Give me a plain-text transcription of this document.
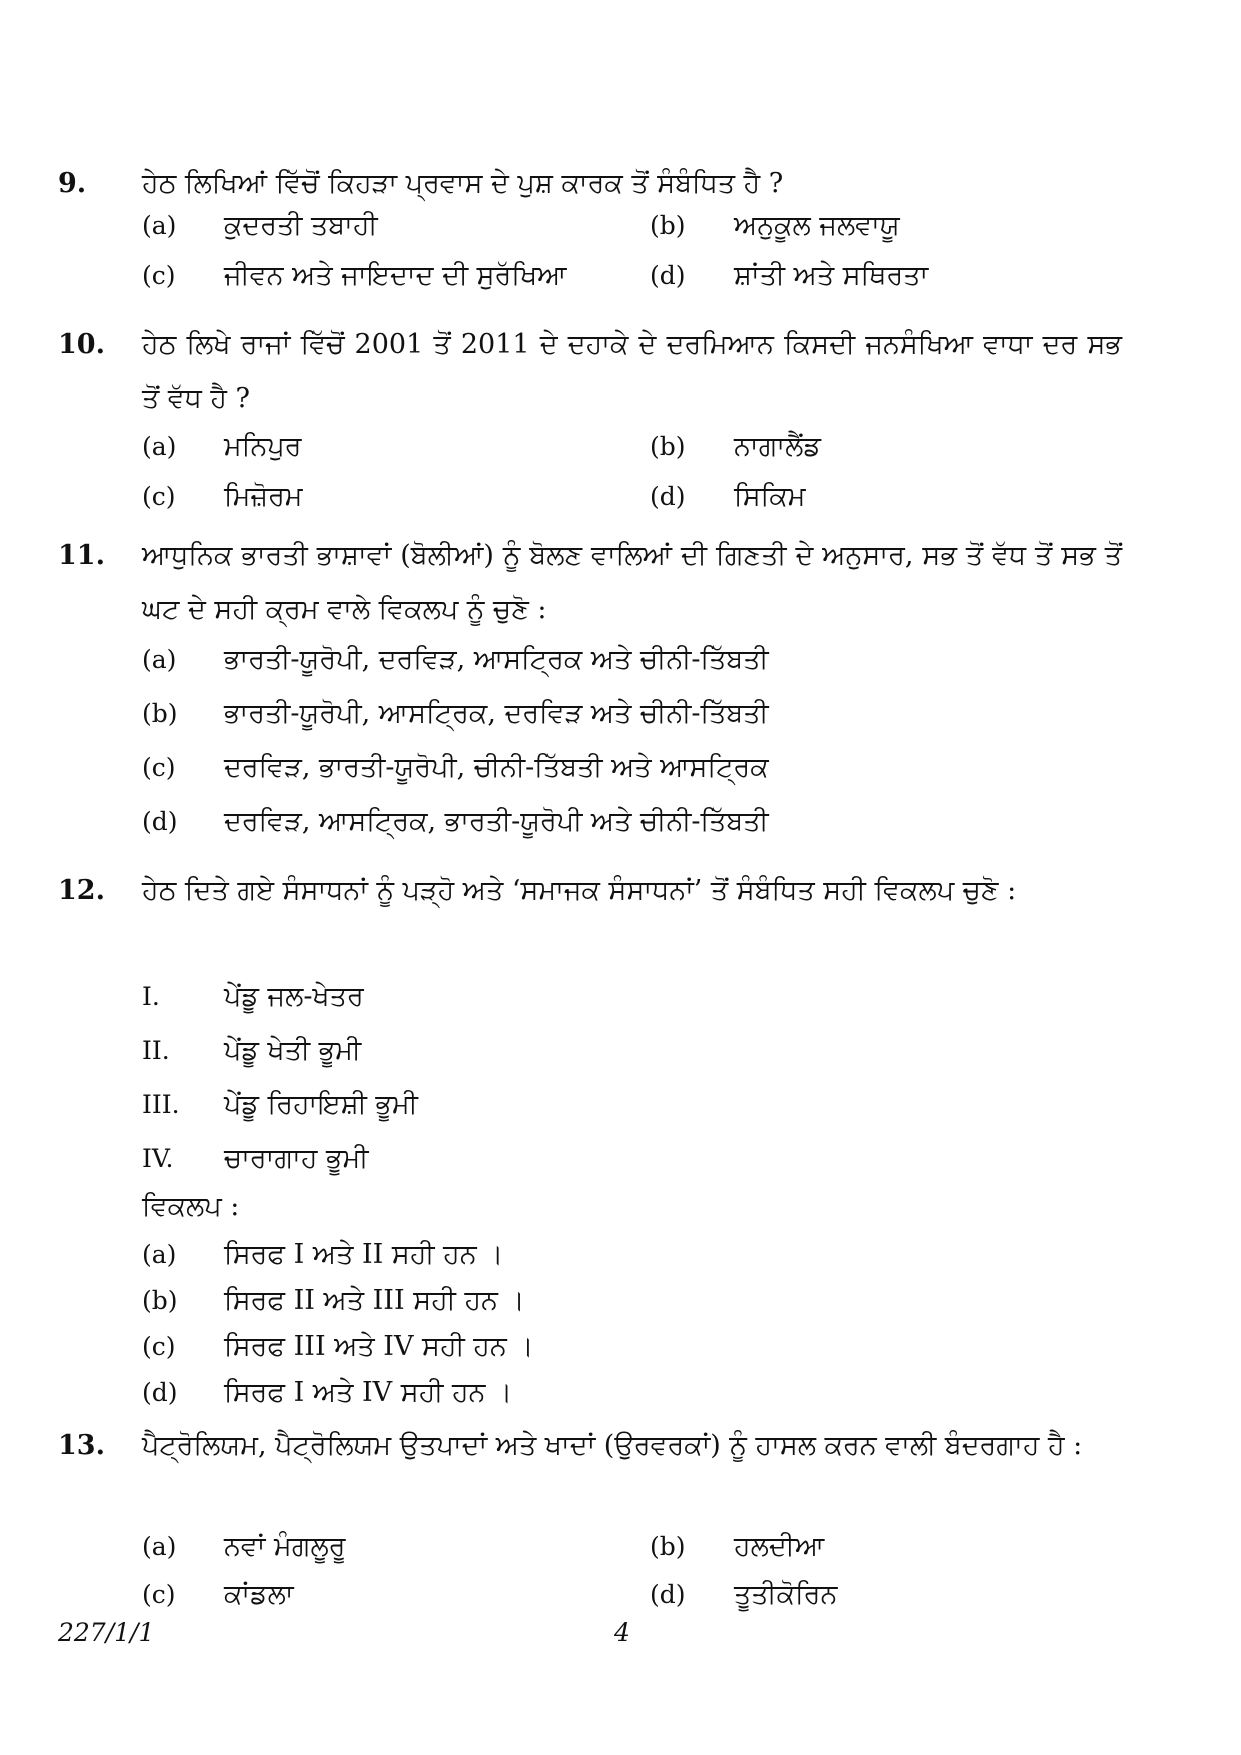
9. ਹੇਠ ਲਿਖਿਆਂ ਵਿੱਚੋਂ ਕਿਹੜਾ ਪ੍ਰਵਾਸ ਦੇ ਪੁਸ਼ ਕਾਰਕ ਤੋਂ ਸੰਬੰਧਿਤ ਹੈ ?
(a) ਕੁਦਰਤੀ ਤਬਾਹੀ	(b) ਅਨੁਕੂਲ ਜਲਵਾਯੂ
(c) ਜੀਵਨ ਅਤੇ ਜਾਇਦਾਦ ਦੀ ਸੁਰੱਖਿਆ	(d) ਸ਼ਾਂਤੀ ਅਤੇ ਸਥਿਰਤਾ
10. ਹੇਠ ਲਿਖੇ ਰਾਜਾਂ ਵਿੱਚੋਂ 2001 ਤੋਂ 2011 ਦੇ ਦਹਾਕੇ ਦੇ ਦਰਮਿਆਨ ਕਿਸਦੀ ਜਨਸੰਖਿਆ ਵਾਧਾ ਦਰ ਸਭ ਤੋਂ ਵੱਧ ਹੈ ?
(a) ਮਨਿਪੁਰ	(b) ਨਾਗਾਲੈਂਡ
(c) ਮਿਜ਼ੋਰਮ	(d) ਸਿਕਿਮ
11. ਆਧੁਨਿਕ ਭਾਰਤੀ ਭਾਸ਼ਾਵਾਂ (ਬੋਲੀਆਂ) ਨੂੰ ਬੋਲਣ ਵਾਲਿਆਂ ਦੀ ਗਿਣਤੀ ਦੇ ਅਨੁਸਾਰ, ਸਭ ਤੋਂ ਵੱਧ ਤੋਂ ਸਭ ਤੋਂ ਘਟ ਦੇ ਸਹੀ ਕ੍ਰਮ ਵਾਲੇ ਵਿਕਲਪ ਨੂੰ ਚੁਣੋ :
(a) ਭਾਰਤੀ-ਯੂਰੋਪੀ, ਦਰਵਿੜ, ਆਸਟ੍ਰਿਕ ਅਤੇ ਚੀਨੀ-ਤਿੱਬਤੀ
(b) ਭਾਰਤੀ-ਯੂਰੋਪੀ, ਆਸਟ੍ਰਿਕ, ਦਰਵਿੜ ਅਤੇ ਚੀਨੀ-ਤਿੱਬਤੀ
(c) ਦਰਵਿੜ, ਭਾਰਤੀ-ਯੂਰੋਪੀ, ਚੀਨੀ-ਤਿੱਬਤੀ ਅਤੇ ਆਸਟ੍ਰਿਕ
(d) ਦਰਵਿੜ, ਆਸਟ੍ਰਿਕ, ਭਾਰਤੀ-ਯੂਰੋਪੀ ਅਤੇ ਚੀਨੀ-ਤਿੱਬਤੀ
12. ਹੇਠ ਦਿਤੇ ਗਏ ਸੰਸਾਧਨਾਂ ਨੂੰ ਪੜ੍ਹੋ ਅਤੇ ‘ਸਮਾਜਕ ਸੰਸਾਧਨਾਂ’ ਤੋਂ ਸੰਬੰਧਿਤ ਸਹੀ ਵਿਕਲਪ ਚੁਣੋ :
I. ਪੇਂਡੂ ਜਲ-ਖੇਤਰ
II. ਪੇਂਡੂ ਖੇਤੀ ਭੂਮੀ
III. ਪੇਂਡੂ ਰਿਹਾਇਸ਼ੀ ਭੂਮੀ
IV. ਚਾਰਾਗਾਹ ਭੂਮੀ
ਵਿਕਲਪ :
(a) ਸਿਰਫ I ਅਤੇ II ਸਹੀ ਹਨ ।
(b) ਸਿਰਫ II ਅਤੇ III ਸਹੀ ਹਨ ।
(c) ਸਿਰਫ III ਅਤੇ IV ਸਹੀ ਹਨ ।
(d) ਸਿਰਫ I ਅਤੇ IV ਸਹੀ ਹਨ ।
13. ਪੈਟ੍ਰੋਲਿਯਮ, ਪੈਟ੍ਰੋਲਿਯਮ ਉਤਪਾਦਾਂ ਅਤੇ ਖਾਦਾਂ (ਉਰਵਰਕਾਂ) ਨੂੰ ਹਾਸਲ ਕਰਨ ਵਾਲੀ ਬੰਦਰਗਾਹ ਹੈ :
(a) ਨਵਾਂ ਮੰਗਲੂਰੂ	(b) ਹਲਦੀਆ
(c) ਕਾਂਡਲਾ	(d) ਤੂਤੀਕੋਰਿਨ
227/1/1	4
